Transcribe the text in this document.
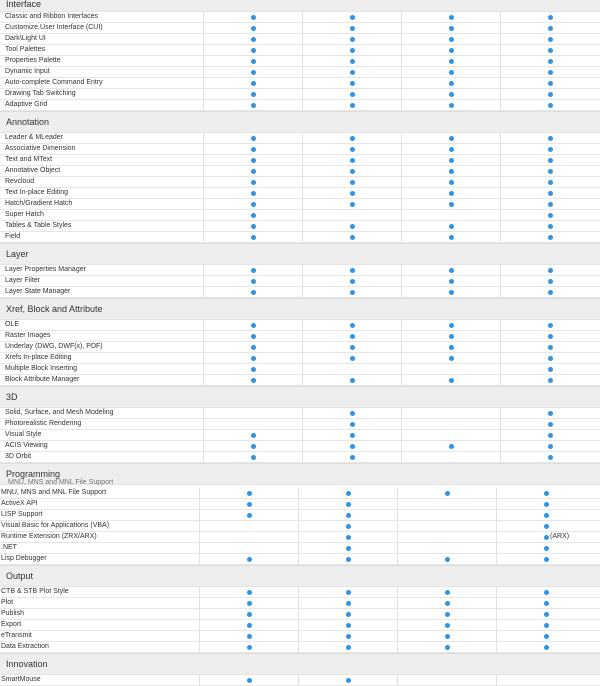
Interface
Classic and Ribbon Interfaces
Customize User Interface (CUI)
Dark\Light UI
Tool Palettes
Properties Palette
Dynamic Input
Auto-complete Command Entry
Drawing Tab Switching
Adaptive Grid
Annotation
Leader & MLeader
Associative Dimension
Text and MText
Annotative Object
Revcloud
Text In-place Editing
Hatch/Gradient Hatch
Super Hatch
Tables & Table Styles
Field
Layer
Layer Properties Manager
Layer Filter
Layer State Manager
Xref, Block and Attribute
OLE
Raster Images
Underlay (DWG, DWF(x), PDF)
Xrefs In-place Editing
Multiple Block Inserting
Block Attribute Manager
3D
Solid, Surface, and Mesh Modeling
Photorealistic Rendering
Visual Style
ACIS Viewing
3D Orbit
Programming
MNU, MNS and MNL File Support
MNU, MNS and MNL File Support
ActiveX API
LISP Support
Visual Basic for Applications (VBA)
Runtime Extension (ZRX/ARX)	(ARX)
.NET
Lisp Debugger
Output
CTB & STB Plot Style
Plot
Publish
Export
eTransmit
Data Extraction
Innovation
SmartMouse
